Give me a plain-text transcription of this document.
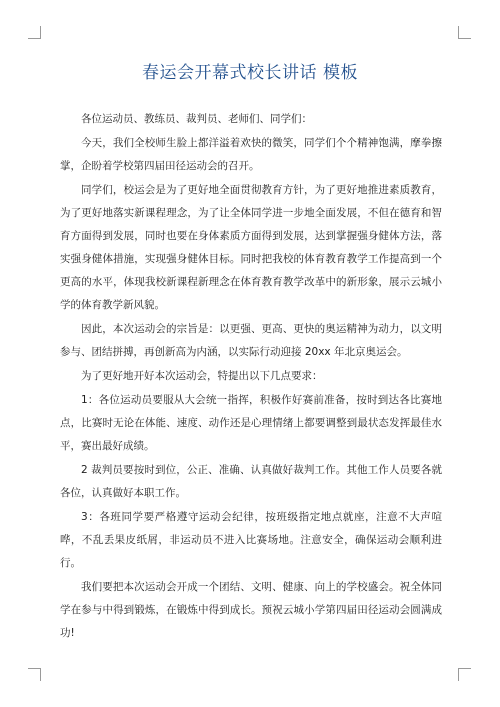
春运会开幕式校长讲话 模板

各位运动员、教练员、裁判员、老师们、同学们：

今天，我们全校师生脸上都洋溢着欢快的微笑，同学们个个精神饱满，摩拳擦掌，企盼着学校第四届田径运动会的召开。

同学们，校运会是为了更好地全面贯彻教育方针，为了更好地推进素质教育，为了更好地落实新课程理念，为了让全体同学进一步地全面发展，不但在德育和智育方面得到发展，同时也要在身体素质方面得到发展，达到掌握强身健体方法，落实强身健体措施，实现强身健体目标。同时把我校的体育教育教学工作提高到一个更高的水平，体现我校新课程新理念在体育教育教学改革中的新形象，展示云城小学的体育教学新风貌。

因此，本次运动会的宗旨是：以更强、更高、更快的奥运精神为动力，以文明参与、团结拼搏，再创新高为内涵，以实际行动迎接 20xx 年北京奥运会。

为了更好地开好本次运动会，特提出以下几点要求：

1：各位运动员要服从大会统一指挥，积极作好赛前准备，按时到达各比赛地点，比赛时无论在体能、速度、动作还是心理情绪上都要调整到最状态发挥最佳水平，赛出最好成绩。

2 裁判员要按时到位，公正、准确、认真做好裁判工作。其他工作人员要各就各位，认真做好本职工作。

3：各班同学要严格遵守运动会纪律，按班级指定地点就座，注意不大声喧哗，不乱丢果皮纸屑，非运动员不进入比赛场地。注意安全，确保运动会顺利进行。

我们要把本次运动会开成一个团结、文明、健康、向上的学校盛会。祝全体同学在参与中得到锻炼，在锻炼中得到成长。预祝云城小学第四届田径运动会圆满成功!
